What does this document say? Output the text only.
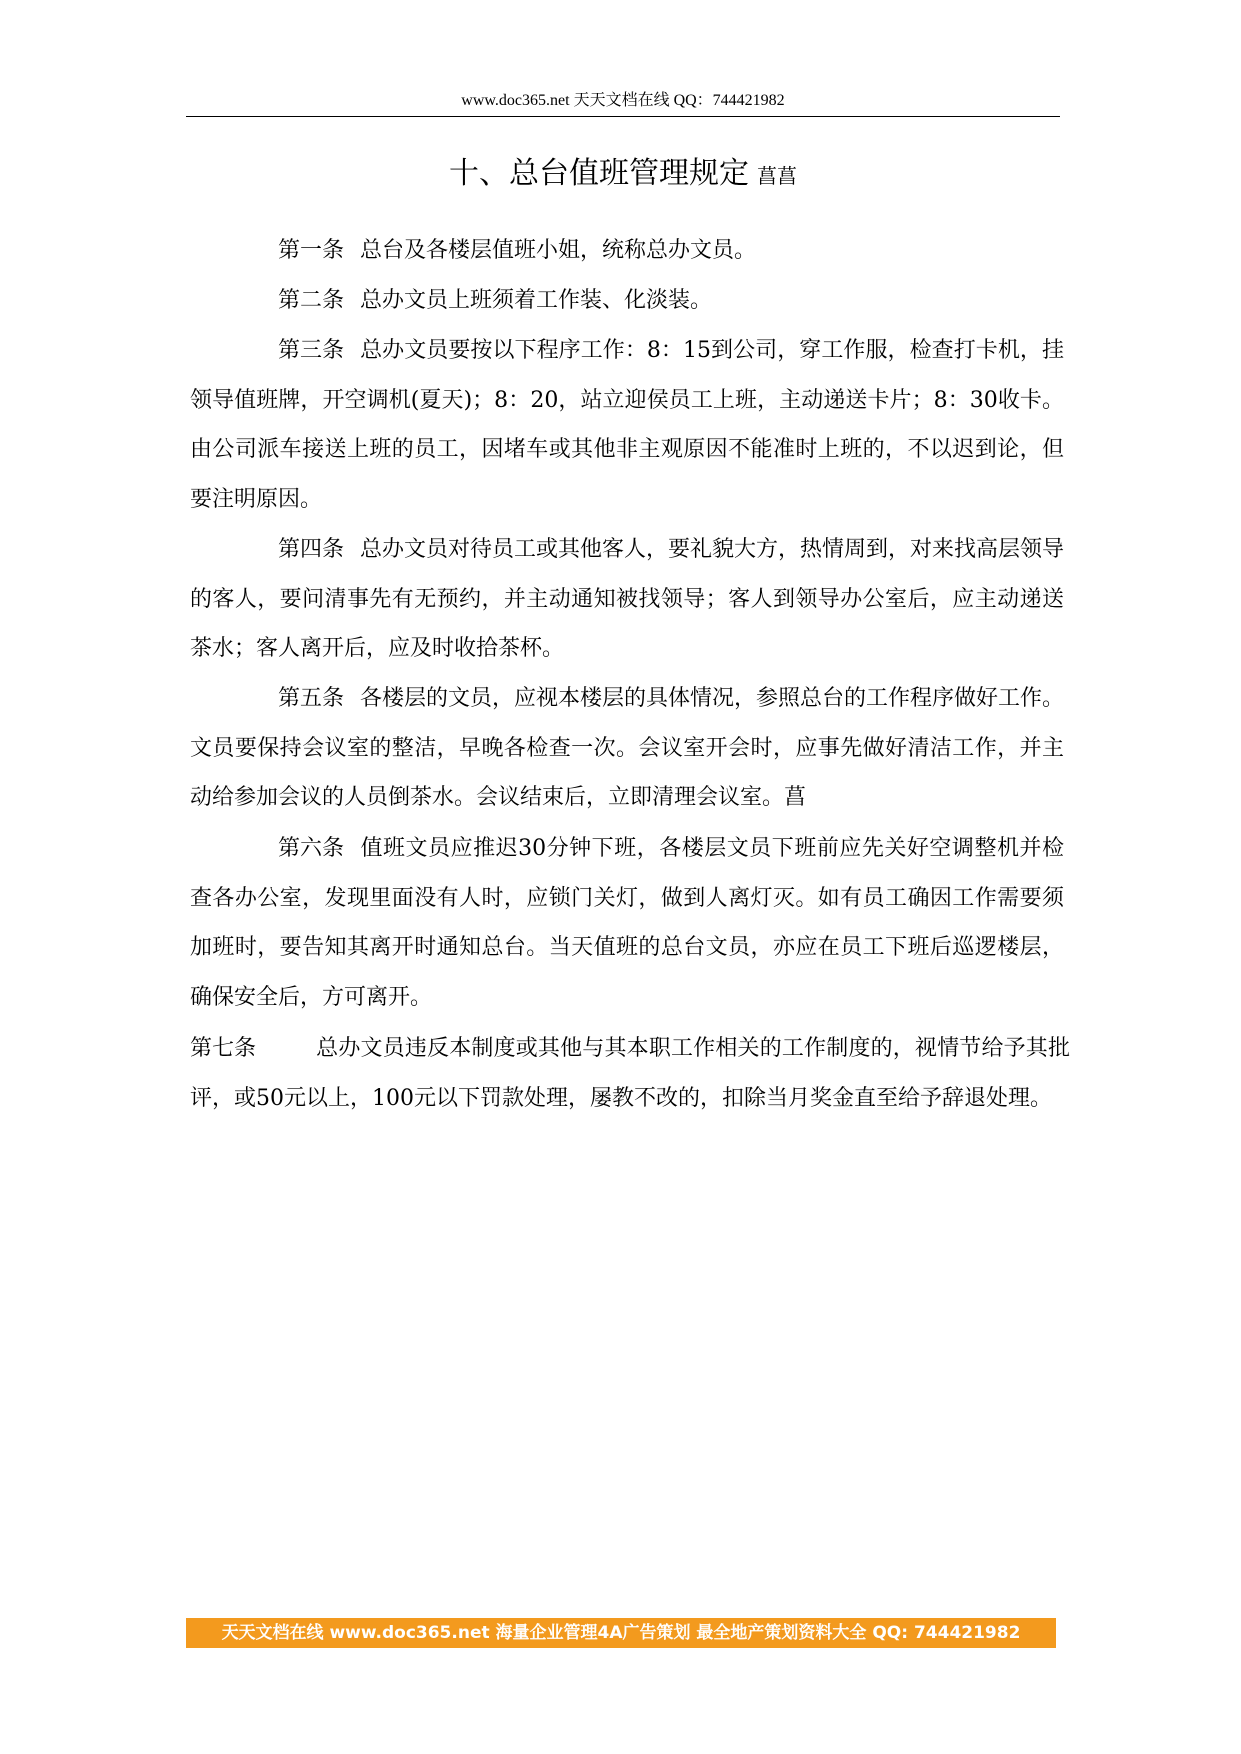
www.doc365.net 天天文档在线 QQ：744421982
十、总台值班管理规定 菖菖
第一条 总台及各楼层值班小姐，统称总办文员。
第二条 总办文员上班须着工作装、化淡装。
第三条 总办文员要按以下程序工作：8：15到公司，穿工作服，检查打卡机，挂领导值班牌，开空调机(夏天)；8：20，站立迎侯员工上班，主动递送卡片；8：30收卡。由公司派车接送上班的员工，因堵车或其他非主观原因不能准时上班的，不以迟到论，但要注明原因。
第四条 总办文员对待员工或其他客人，要礼貌大方，热情周到，对来找高层领导的客人，要问清事先有无预约，并主动通知被找领导；客人到领导办公室后，应主动递送茶水；客人离开后，应及时收拾茶杯。
第五条 各楼层的文员，应视本楼层的具体情况，参照总台的工作程序做好工作。文员要保持会议室的整洁，早晚各检查一次。会议室开会时，应事先做好清洁工作，并主动给参加会议的人员倒茶水。会议结束后，立即清理会议室。菖
第六条 值班文员应推迟30分钟下班，各楼层文员下班前应先关好空调整机并检查各办公室，发现里面没有人时，应锁门关灯，做到人离灯灭。如有员工确因工作需要须加班时，要告知其离开时通知总台。当天值班的总台文员，亦应在员工下班后巡逻楼层，确保安全后，方可离开。
第七条	总办文员违反本制度或其他与其本职工作相关的工作制度的，视情节给予其批评，或50元以上，100元以下罚款处理，屡教不改的，扣除当月奖金直至给予辞退处理。
天天文档在线 www.doc365.net 海量企业管理4A广告策划 最全地产策划资料大全 QQ: 744421982
